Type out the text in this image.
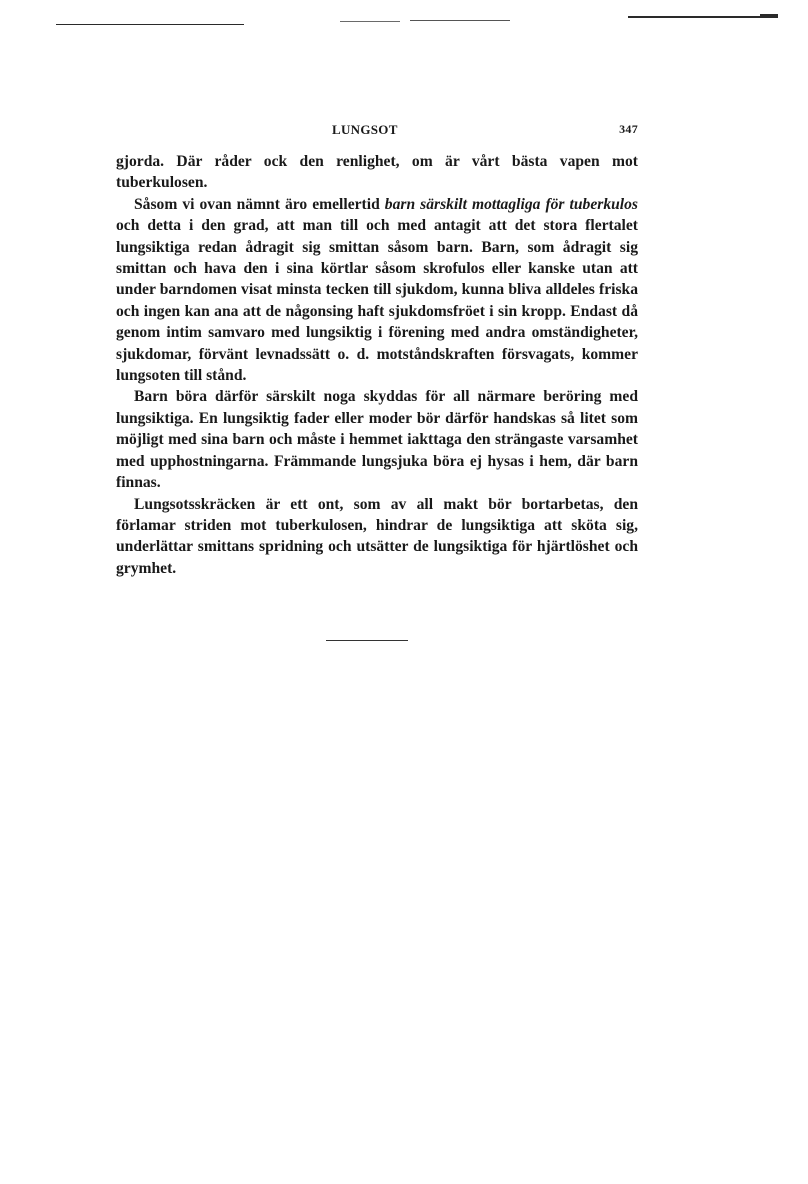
LUNGSOT	347

gjorda. Där råder ock den renlighet, om är vårt bästa vapen mot tuberkulosen.

Såsom vi ovan nämnt äro emellertid barn särskilt mottagliga för tuberkulos och detta i den grad, att man till och med antagit att det stora flertalet lungsiktiga redan ådragit sig smittan såsom barn. Barn, som ådragit sig smittan och hava den i sina körtlar såsom skrofulos eller kanske utan att under barndomen visat minsta tecken till sjukdom, kunna bliva alldeles friska och ingen kan ana att de någonsing haft sjukdomsfröet i sin kropp. Endast då genom intim samvaro med lungsiktig i förening med andra omständigheter, sjukdomar, förvänt levnadssätt o. d. motståndskraften försvagats, kommer lungsoten till stånd.

Barn böra därför särskilt noga skyddas för all närmare beröring med lungsiktiga. En lungsiktig fader eller moder bör därför handskas så litet som möjligt med sina barn och måste i hemmet iakttaga den strängaste varsamhet med upphostningarna. Främmande lungsjuka böra ej hysas i hem, där barn finnas.

Lungsotsskräcken är ett ont, som av all makt bör bortarbetas, den förlamar striden mot tuberkulosen, hindrar de lungsiktiga att sköta sig, underlättar smittans spridning och utsätter de lungsiktiga för hjärtlöshet och grymhet.
